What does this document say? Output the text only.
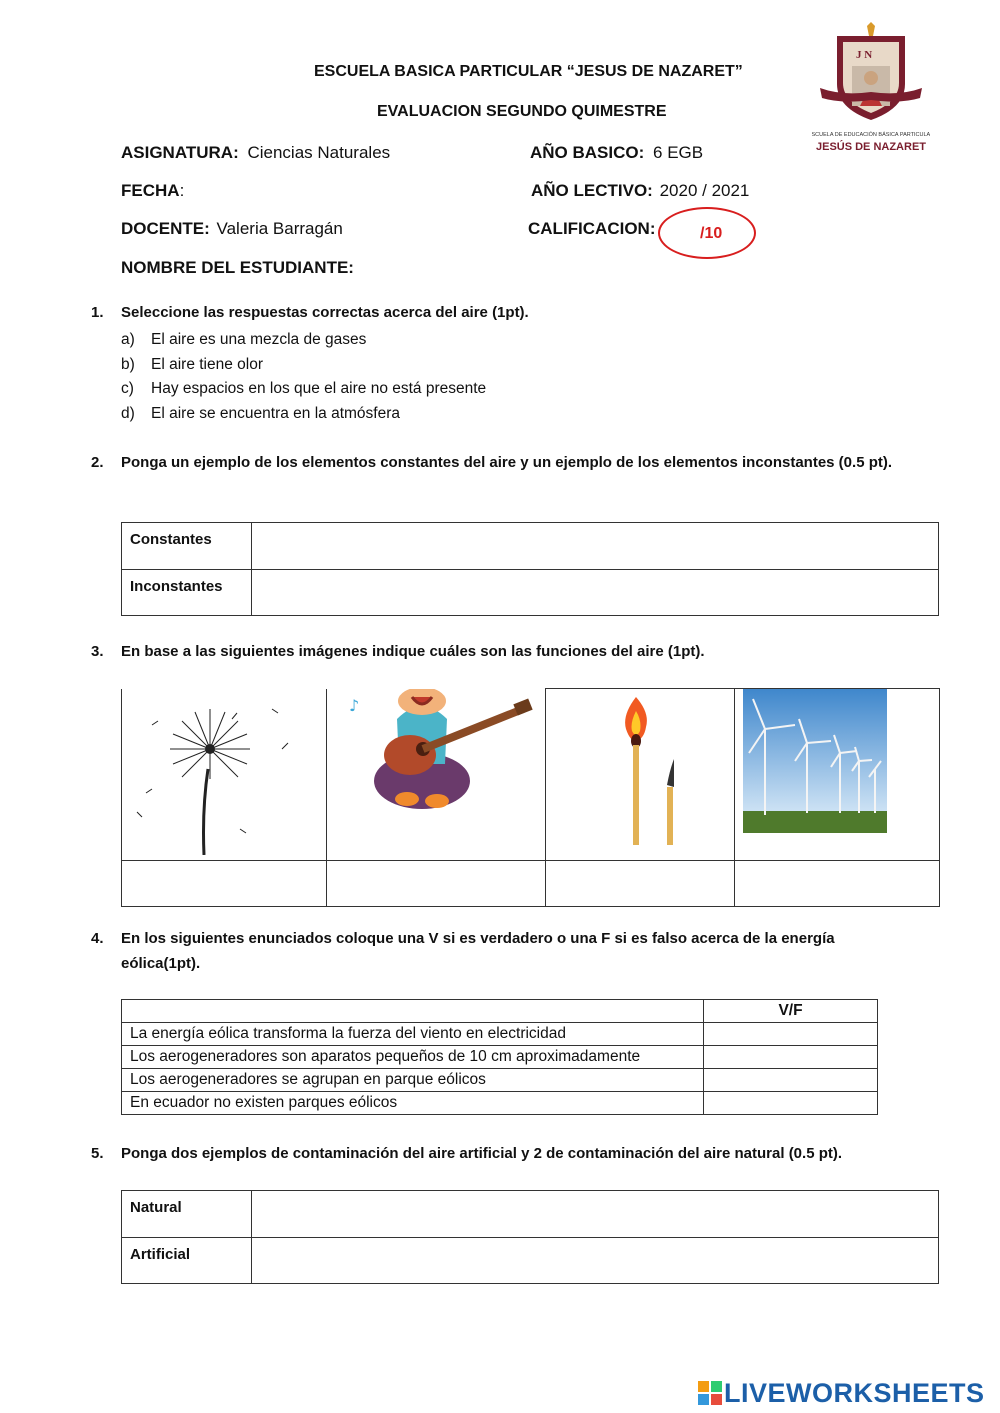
ESCUELA BASICA PARTICULAR “JESUS DE NAZARET”
EVALUACION SEGUNDO QUIMESTRE
J N
ESCUELA DE EDUCACIÓN BÁSICA PARTICULAR
JESÚS DE NAZARET
ASIGNATURA: Ciencias Naturales	AÑO BASICO: 6 EGB
FECHA:	AÑO LECTIVO: 2020 / 2021
DOCENTE: Valeria Barragán	CALIFICACION:	/10
NOMBRE DEL ESTUDIANTE:
1. Seleccione las respuestas correctas acerca del aire (1pt).
a) El aire es una mezcla de gases
b) El aire tiene olor
c) Hay espacios en los que el aire no está presente
d) El aire se encuentra en la atmósfera
2. Ponga un ejemplo de los elementos constantes del aire y un ejemplo de los elementos inconstantes (0.5 pt).
Constantes	

Inconstantes	
3. En base a las siguientes imágenes indique cuáles son las funciones del aire (1pt).

♪

4. En los siguientes enunciados coloque una V si es verdadero o una F si es falso acerca de la energía eólica(1pt).
	V/F
La energía eólica transforma la fuerza del viento en electricidad	
Los aerogeneradores son aparatos pequeños de 10 cm aproximadamente	
Los aerogeneradores se agrupan en parque eólicos	
En ecuador no existen parques eólicos	
5. Ponga dos ejemplos de contaminación del aire artificial y 2 de contaminación del aire natural (0.5 pt).
Natural	

Artificial	
LIVEWORKSHEETS
